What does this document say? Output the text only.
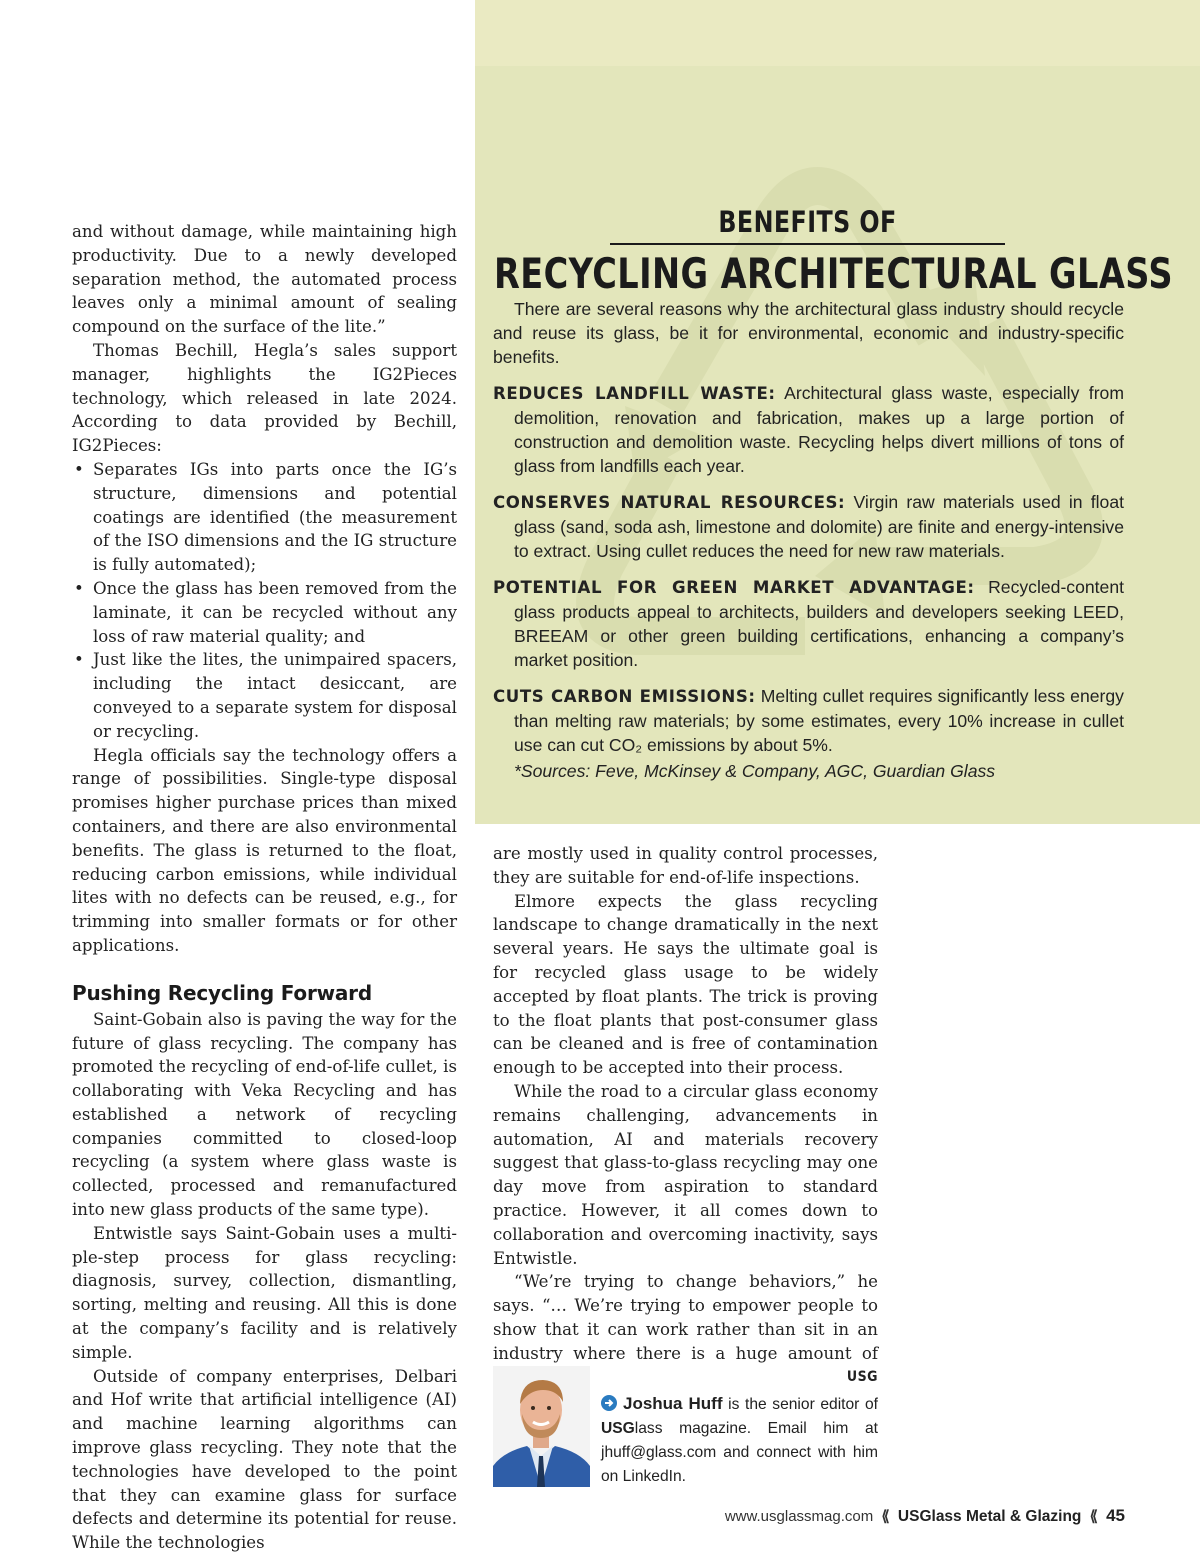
and without damage, while maintaining high productivity. Due to a newly developed separation method, the automated process leaves only a minimal amount of sealing compound on the surface of the lite.”

Thomas Bechill, Hegla’s sales support manager, highlights the IG2Pieces technology, which released in late 2024. According to data provided by Bechill, IG2Pieces:

• Separates IGs into parts once the IG’s structure, dimensions and potential coatings are identified (the measurement of the ISO dimensions and the IG structure is fully automated);
• Once the glass has been removed from the laminate, it can be recycled without any loss of raw material quality; and
• Just like the lites, the unimpaired spacers, including the intact desiccant, are conveyed to a separate system for disposal or recycling.

Hegla officials say the technology offers a range of possibilities. Single-type disposal promises higher purchase prices than mixed containers, and there are also environmental benefits. The glass is returned to the float, reducing carbon emissions, while individual lites with no defects can be reused, e.g., for trimming into smaller formats or for other applications.

Pushing Recycling Forward

Saint-Gobain also is paving the way for the future of glass recycling. The company has promoted the recycling of end-of-life cullet, is collaborating with Veka Recycling and has established a network of recycling companies committed to closed-loop recycling (a system where glass waste is collected, processed and remanufactured into new glass products of the same type).

Entwistle says Saint-Gobain uses a multi-ple-step process for glass recycling: diagnosis, survey, collection, dismantling, sorting, melting and reusing. All this is done at the company’s facility and is relatively simple.

Outside of company enterprises, Delbari and Hof write that artificial intelligence (AI) and machine learning algorithms can improve glass recycling. They note that the technologies have developed to the point that they can examine glass for surface defects and determine its potential for reuse. While the technologies

BENEFITS OF
RECYCLING ARCHITECTURAL GLASS

There are several reasons why the architectural glass industry should recycle and reuse its glass, be it for environmental, economic and industry-specific benefits.

REDUCES LANDFILL WASTE: Architectural glass waste, especially from demolition, renovation and fabrication, makes up a large portion of construction and demolition waste. Recycling helps divert millions of tons of glass from landfills each year.

CONSERVES NATURAL RESOURCES: Virgin raw materials used in float glass (sand, soda ash, limestone and dolomite) are finite and energy-intensive to extract. Using cullet reduces the need for new raw materials.

POTENTIAL FOR GREEN MARKET ADVANTAGE: Recycled-content glass products appeal to architects, builders and developers seeking LEED, BREEAM or other green building certifications, enhancing a company’s market position.

CUTS CARBON EMISSIONS: Melting cullet requires significantly less energy than melting raw materials; by some estimates, every 10% increase in cullet use can cut CO₂ emissions by about 5%.

*Sources: Feve, McKinsey & Company, AGC, Guardian Glass

are mostly used in quality control processes, they are suitable for end-of-life inspections.

Elmore expects the glass recycling landscape to change dramatically in the next several years. He says the ultimate goal is for recycled glass usage to be widely accepted by float plants. The trick is proving to the float plants that post-consumer glass can be cleaned and is free of contamination enough to be accepted into their process.

While the road to a circular glass economy remains challenging, advancements in automation, AI and materials recovery suggest that glass-to-glass recycling may one day move from aspiration to standard practice. However, it all comes down to collaboration and overcoming inactivity, says Entwistle.

“We’re trying to change behaviors,” he says. “… We’re trying to empower people to show that it can work rather than sit in an industry where there is a huge amount of
USG

Joshua Huff is the senior editor of USGlass magazine. Email him at jhuff@glass.com and connect with him on LinkedIn.
www.usglassmag.com ⟪ USGlass Metal & Glazing ⟪ 45
